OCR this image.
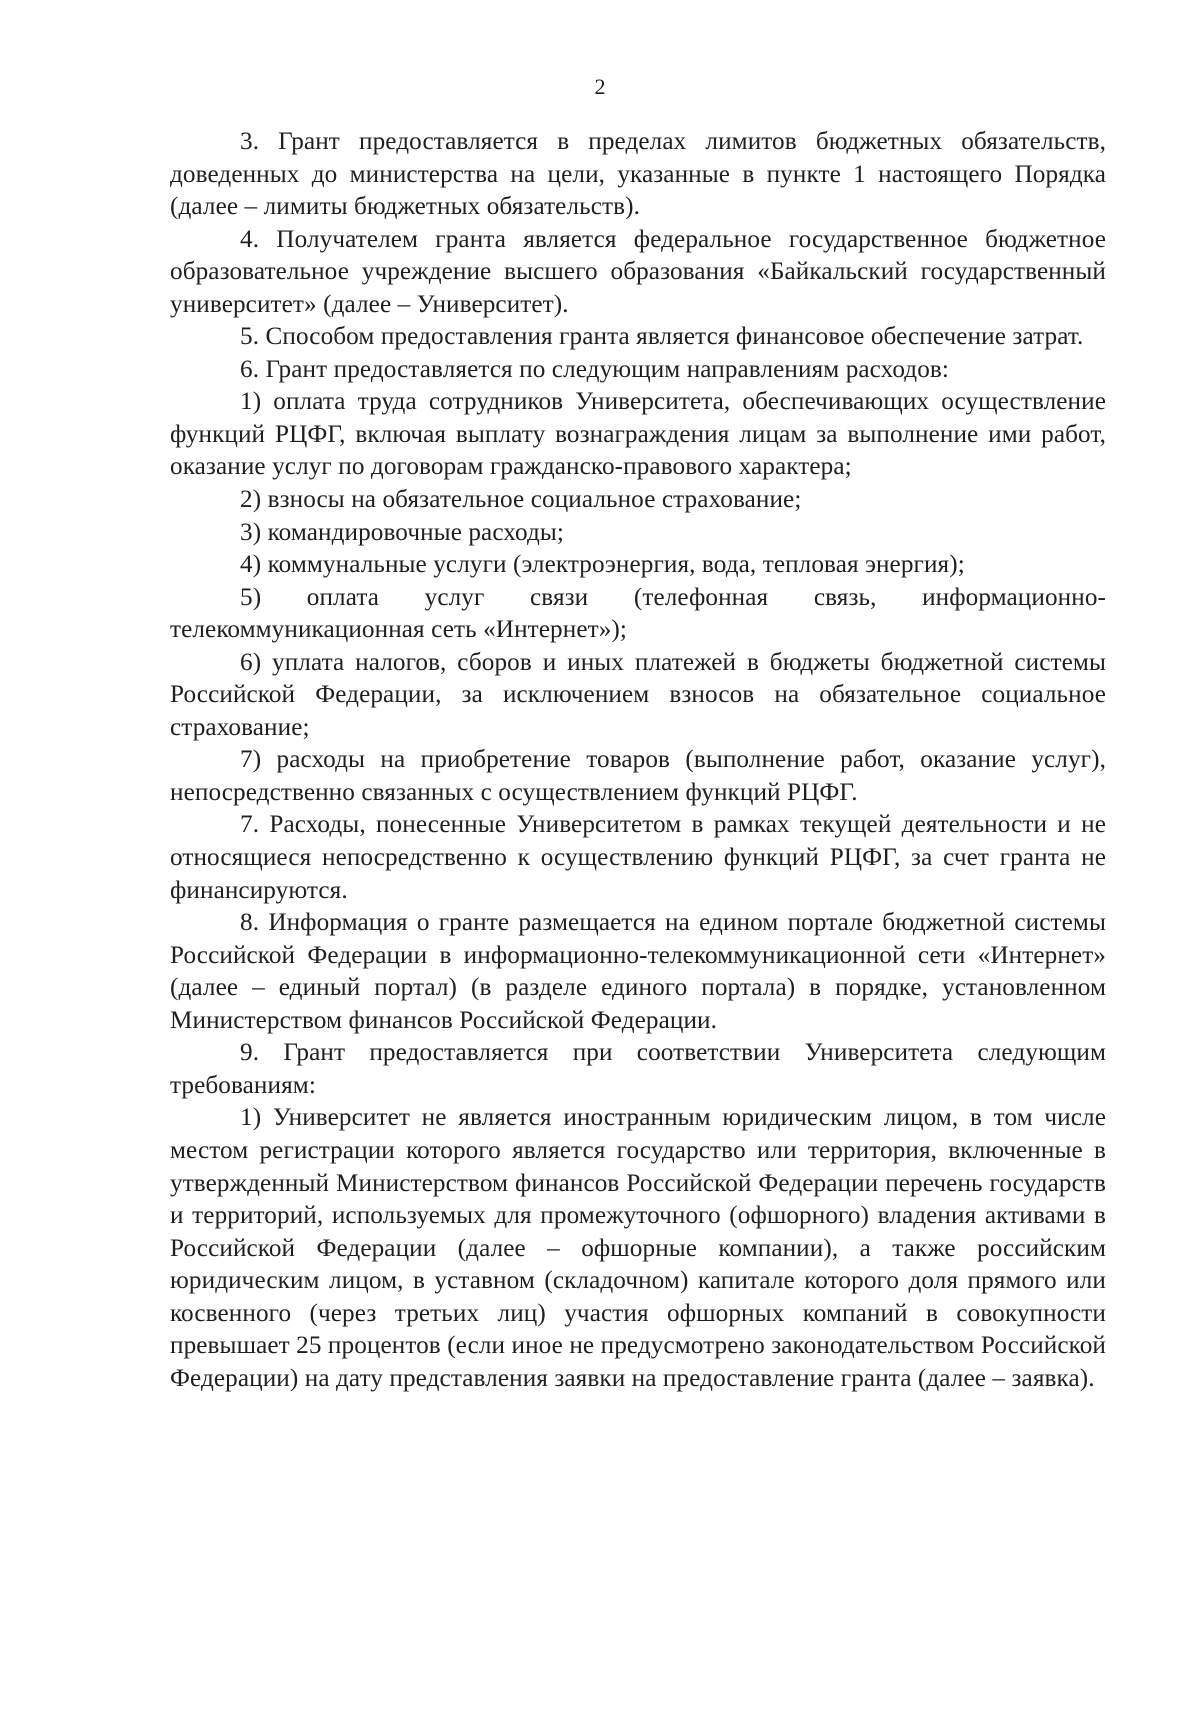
2

3. Грант предоставляется в пределах лимитов бюджетных обязательств, доведенных до министерства на цели, указанные в пункте 1 настоящего Порядка (далее – лимиты бюджетных обязательств).

4. Получателем гранта является федеральное государственное бюджетное образовательное учреждение высшего образования «Байкальский государственный университет» (далее – Университет).

5. Способом предоставления гранта является финансовое обеспечение затрат.

6. Грант предоставляется по следующим направлениям расходов:

1) оплата труда сотрудников Университета, обеспечивающих осуществление функций РЦФГ, включая выплату вознаграждения лицам за выполнение ими работ, оказание услуг по договорам гражданско-правового характера;

2) взносы на обязательное социальное страхование;

3) командировочные расходы;

4) коммунальные услуги (электроэнергия, вода, тепловая энергия);

5) оплата услуг связи (телефонная связь, информационно-телекоммуникационная сеть «Интернет»);

6) уплата налогов, сборов и иных платежей в бюджеты бюджетной системы Российской Федерации, за исключением взносов на обязательное социальное страхование;

7) расходы на приобретение товаров (выполнение работ, оказание услуг), непосредственно связанных с осуществлением функций РЦФГ.

7. Расходы, понесенные Университетом в рамках текущей деятельности и не относящиеся непосредственно к осуществлению функций РЦФГ, за счет гранта не финансируются.

8. Информация о гранте размещается на едином портале бюджетной системы Российской Федерации в информационно-телекоммуникационной сети «Интернет» (далее – единый портал) (в разделе единого портала) в порядке, установленном Министерством финансов Российской Федерации.

9. Грант предоставляется при соответствии Университета следующим требованиям:

1) Университет не является иностранным юридическим лицом, в том числе местом регистрации которого является государство или территория, включенные в утвержденный Министерством финансов Российской Федерации перечень государств и территорий, используемых для промежуточного (офшорного) владения активами в Российской Федерации (далее – офшорные компании), а также российским юридическим лицом, в уставном (складочном) капитале которого доля прямого или косвенного (через третьих лиц) участия офшорных компаний в совокупности превышает 25 процентов (если иное не предусмотрено законодательством Российской Федерации) на дату представления заявки на предоставление гранта (далее – заявка).
